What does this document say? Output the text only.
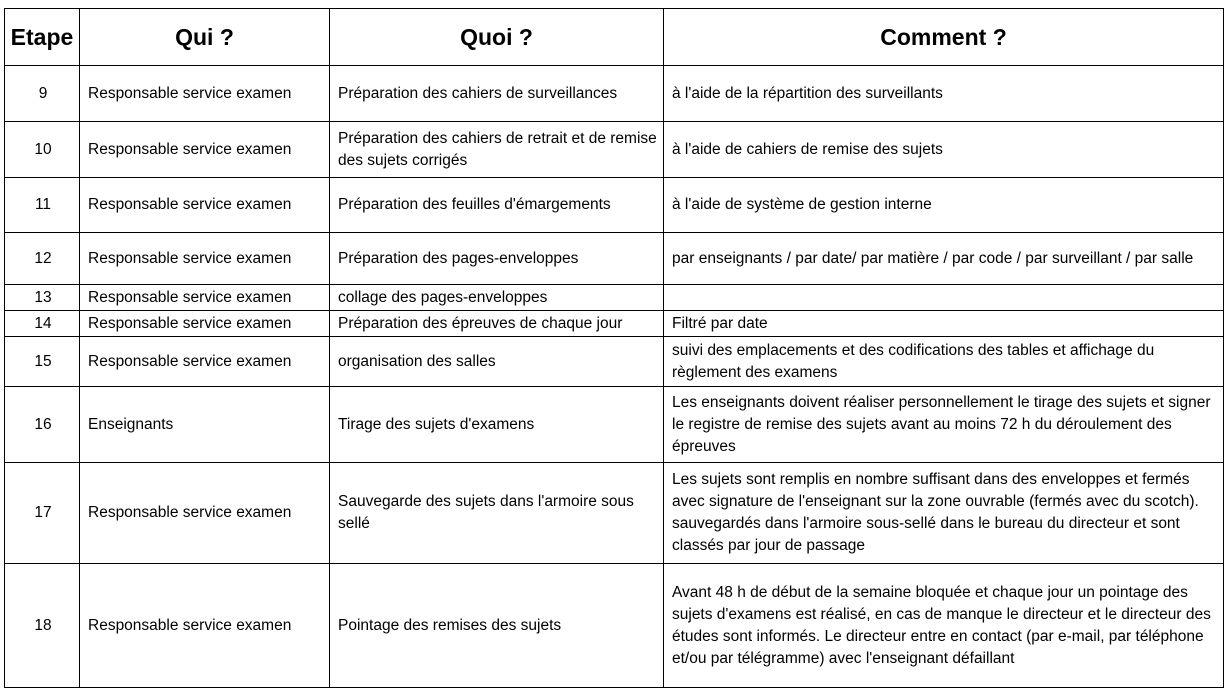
Etape	Qui ?	Quoi ?	Comment ?
9	Responsable service examen	Préparation des cahiers de surveillances	à l'aide de la répartition des surveillants
10	Responsable service examen	Préparation des cahiers de retrait et de remise des sujets corrigés	à l'aide de cahiers de remise des sujets
11	Responsable service examen	Préparation des feuilles d'émargements	à l'aide de système de gestion interne
12	Responsable service examen	Préparation des pages-enveloppes	par enseignants / par date/ par matière / par code / par surveillant / par salle
13	Responsable service examen	collage des pages-enveloppes	
14	Responsable service examen	Préparation des épreuves de chaque jour	Filtré par date
15	Responsable service examen	organisation des salles	suivi des emplacements et des codifications des tables et affichage du règlement des examens
16	Enseignants	Tirage des sujets d'examens	Les enseignants doivent réaliser personnellement le tirage des sujets et signer le registre de remise des sujets avant au moins 72 h du déroulement des épreuves
17	Responsable service examen	Sauvegarde des sujets dans l'armoire sous sellé	Les sujets sont remplis en nombre suffisant dans des enveloppes et fermés avec signature de l'enseignant sur la zone ouvrable (fermés avec du scotch). sauvegardés dans l'armoire sous-sellé dans le bureau du directeur et sont classés par jour de passage
18	Responsable service examen	Pointage des remises des sujets	Avant 48 h de début de la semaine bloquée et chaque jour un pointage des sujets d'examens est réalisé, en cas de manque le directeur et le directeur des études sont informés. Le directeur entre en contact (par e-mail, par téléphone et/ou par télégramme) avec l'enseignant défaillant
